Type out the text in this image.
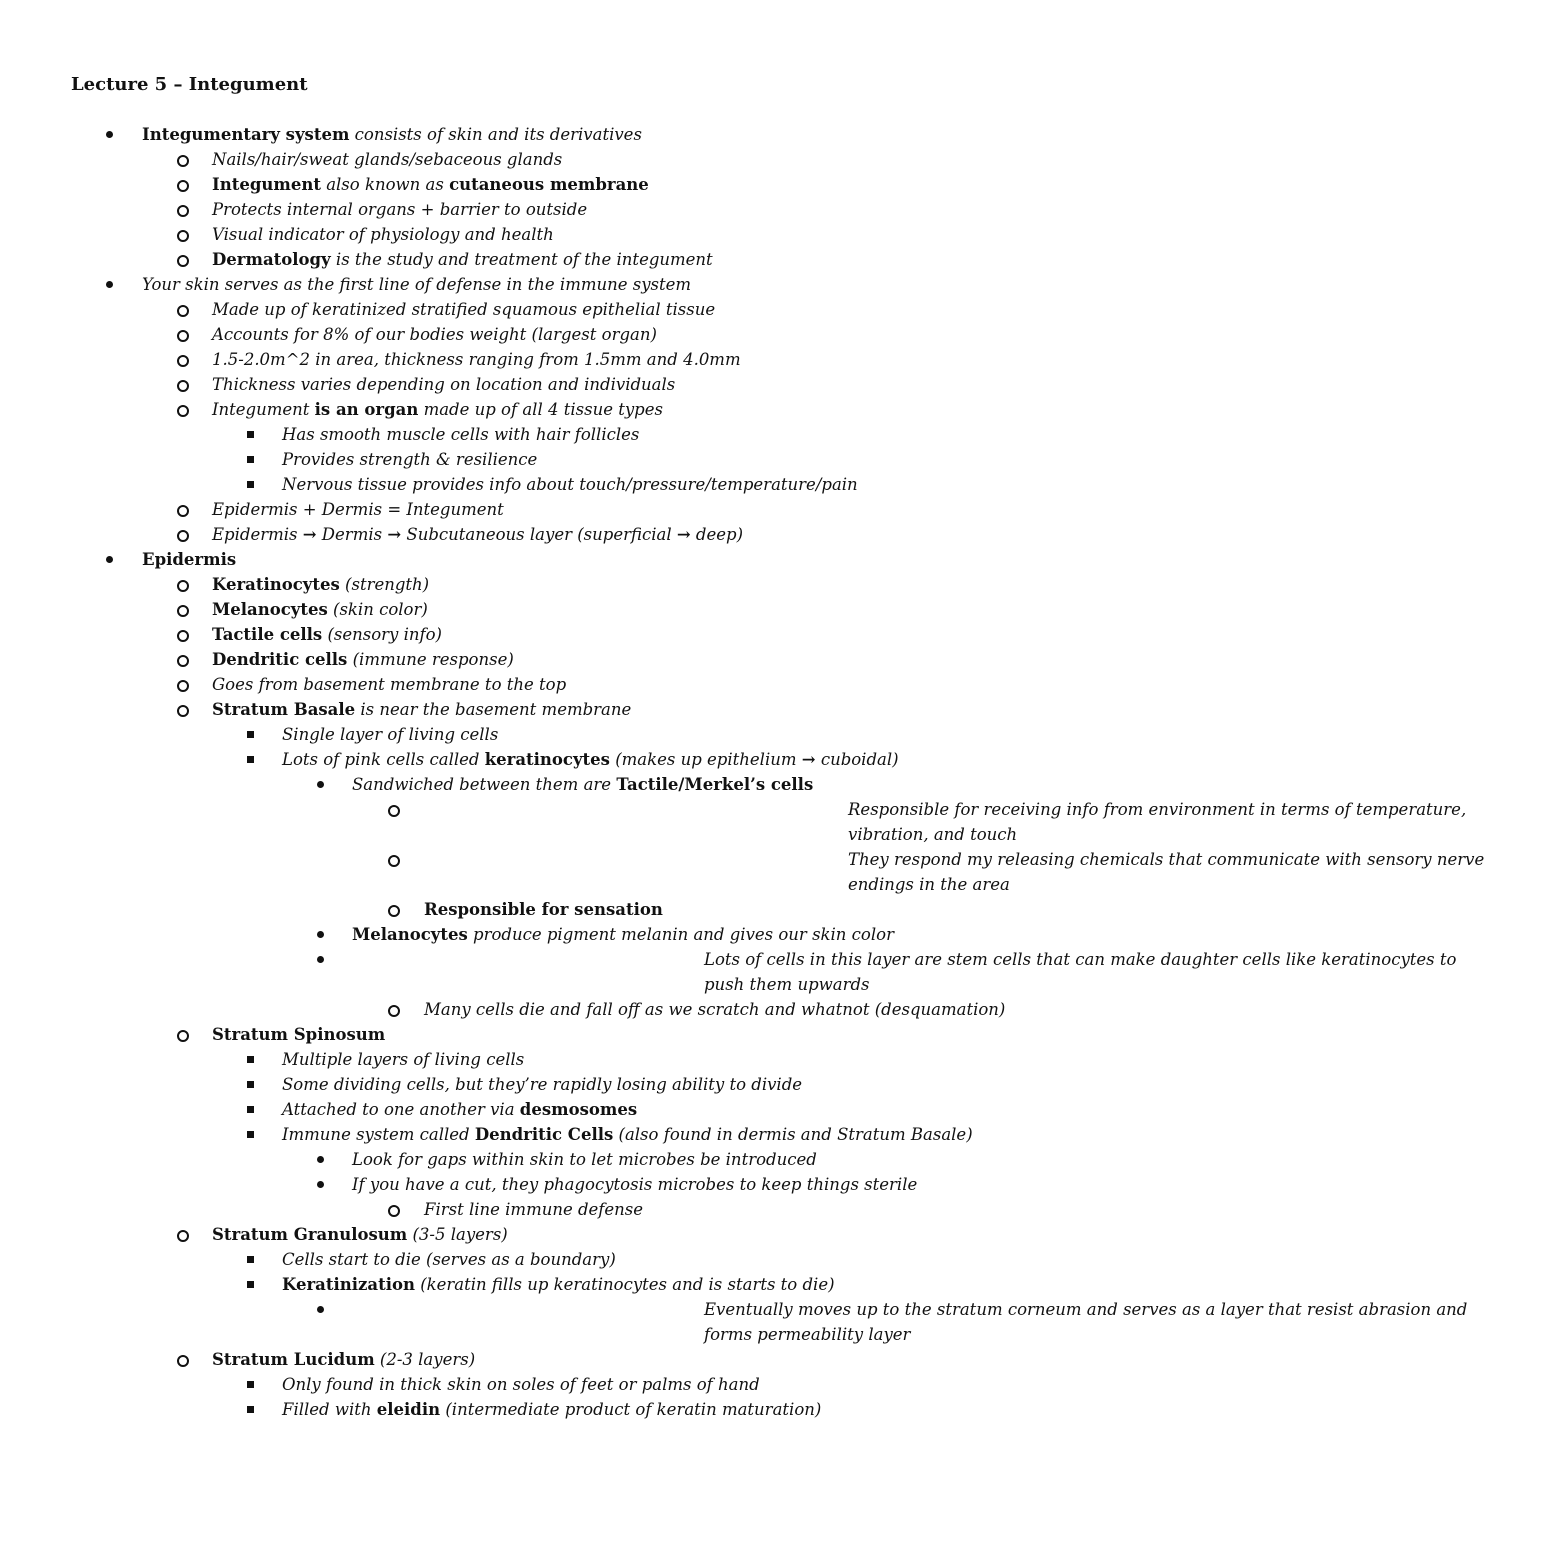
Lecture 5 – Integument
Integumentary system consists of skin and its derivatives
Nails/hair/sweat glands/sebaceous glands
Integument also known as cutaneous membrane
Protects internal organs + barrier to outside
Visual indicator of physiology and health
Dermatology is the study and treatment of the integument
Your skin serves as the first line of defense in the immune system
Made up of keratinized stratified squamous epithelial tissue
Accounts for 8% of our bodies weight (largest organ)
1.5-2.0m^2 in area, thickness ranging from 1.5mm and 4.0mm
Thickness varies depending on location and individuals
Integument is an organ made up of all 4 tissue types
Has smooth muscle cells with hair follicles
Provides strength & resilience
Nervous tissue provides info about touch/pressure/temperature/pain
Epidermis + Dermis = Integument
Epidermis → Dermis → Subcutaneous layer (superficial → deep)
Epidermis
Keratinocytes (strength)
Melanocytes (skin color)
Tactile cells (sensory info)
Dendritic cells (immune response)
Goes from basement membrane to the top
Stratum Basale is near the basement membrane
Single layer of living cells
Lots of pink cells called keratinocytes (makes up epithelium → cuboidal)
Sandwiched between them are Tactile/Merkel’s cells
Responsible for receiving info from environment in terms of temperature, vibration, and touch
They respond my releasing chemicals that communicate with sensory nerve endings in the area
Responsible for sensation
Melanocytes produce pigment melanin and gives our skin color
Lots of cells in this layer are stem cells that can make daughter cells like keratinocytes to push them upwards
Many cells die and fall off as we scratch and whatnot (desquamation)
Stratum Spinosum
Multiple layers of living cells
Some dividing cells, but they’re rapidly losing ability to divide
Attached to one another via desmosomes
Immune system called Dendritic Cells (also found in dermis and Stratum Basale)
Look for gaps within skin to let microbes be introduced
If you have a cut, they phagocytosis microbes to keep things sterile
First line immune defense
Stratum Granulosum (3-5 layers)
Cells start to die (serves as a boundary)
Keratinization (keratin fills up keratinocytes and is starts to die)
Eventually moves up to the stratum corneum and serves as a layer that resist abrasion and forms permeability layer
Stratum Lucidum (2-3 layers)
Only found in thick skin on soles of feet or palms of hand
Filled with eleidin (intermediate product of keratin maturation)
